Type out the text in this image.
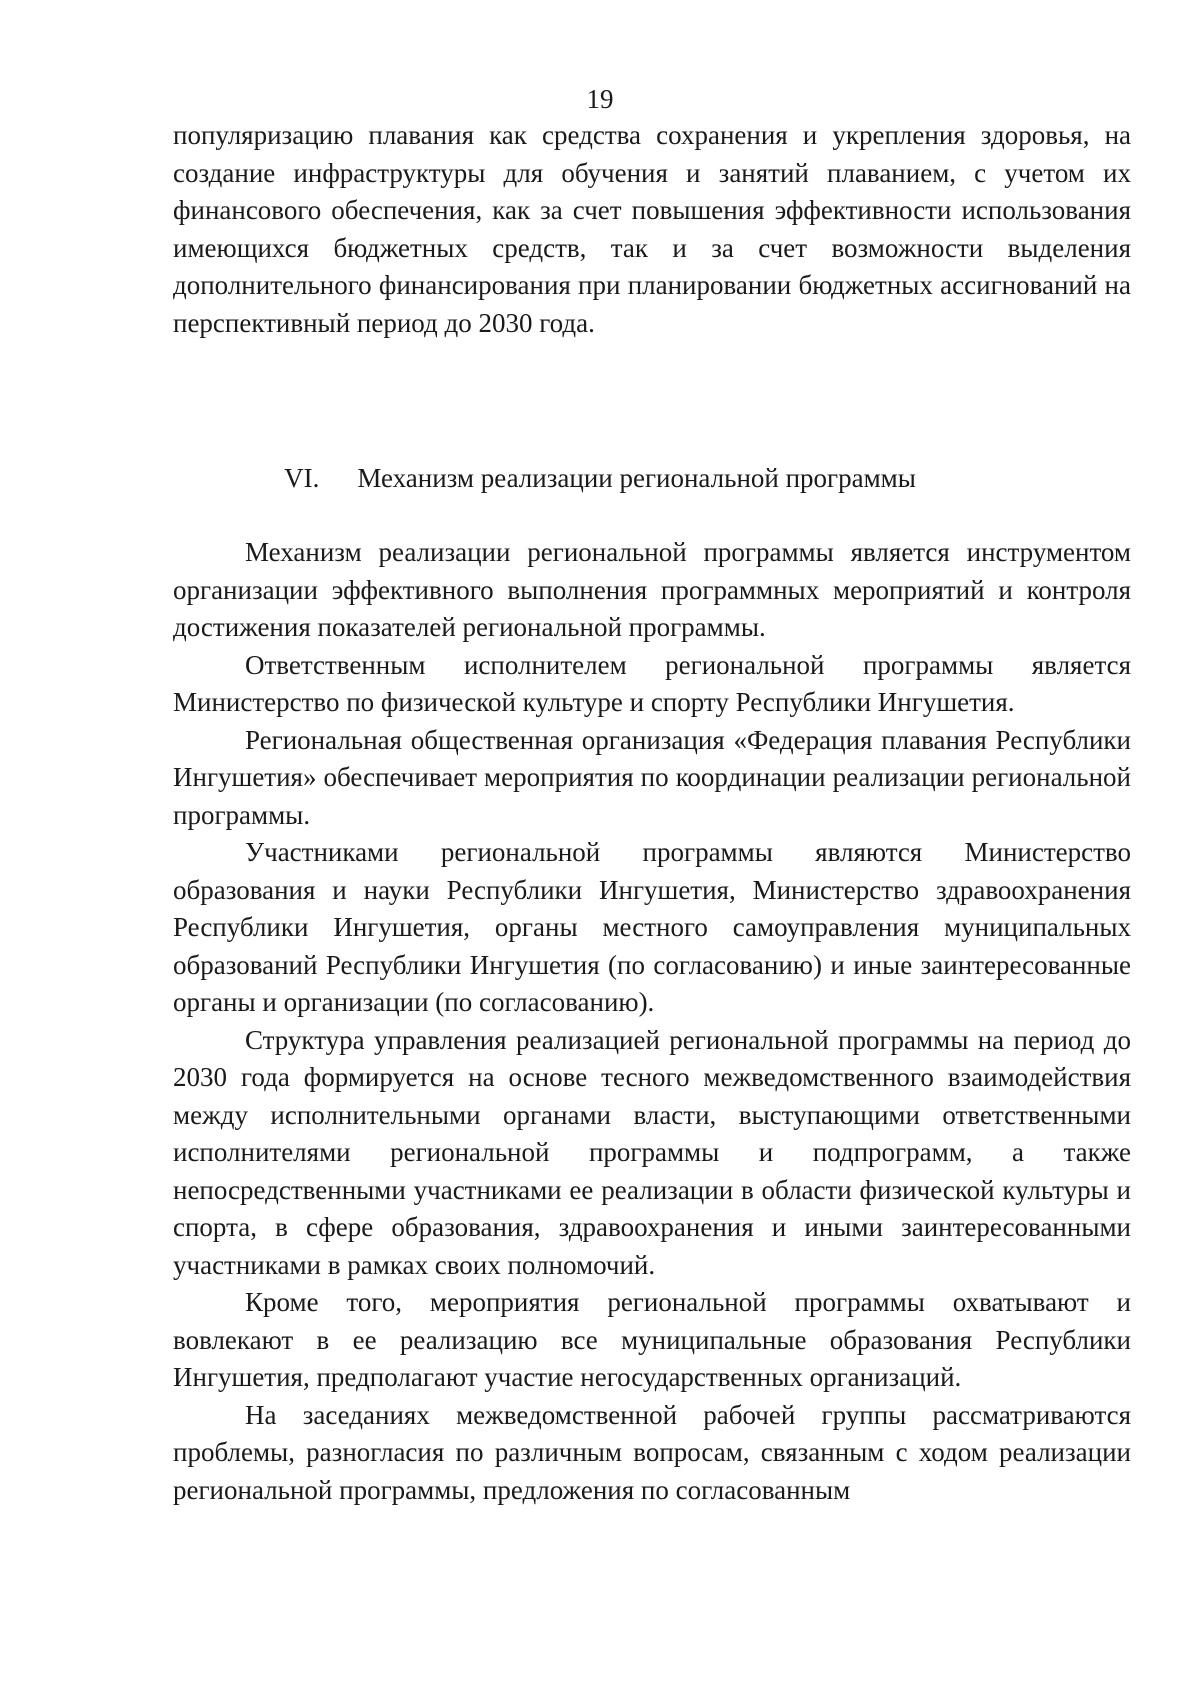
19

популяризацию плавания как средства сохранения и укрепления здоровья, на создание инфраструктуры для обучения и занятий плаванием, с учетом их финансового обеспечения, как за счет повышения эффективности использования имеющихся бюджетных средств, так и за счет возможности выделения дополнительного финансирования при планировании бюджетных ассигнований на перспективный период до 2030 года.

VI. Механизм реализации региональной программы

Механизм реализации региональной программы является инструментом организации эффективного выполнения программных мероприятий и контроля достижения показателей региональной программы.

Ответственным исполнителем региональной программы является Министерство по физической культуре и спорту Республики Ингушетия.

Региональная общественная организация «Федерация плавания Республики Ингушетия» обеспечивает мероприятия по координации реализации региональной программы.

Участниками региональной программы являются Министерство образования и науки Республики Ингушетия, Министерство здравоохранения Республики Ингушетия, органы местного самоуправления муниципальных образований Республики Ингушетия (по согласованию) и иные заинтересованные органы и организации (по согласованию).

Структура управления реализацией региональной программы на период до 2030 года формируется на основе тесного межведомственного взаимодействия между исполнительными органами власти, выступающими ответственными исполнителями региональной программы и подпрограмм, а также непосредственными участниками ее реализации в области физической культуры и спорта, в сфере образования, здравоохранения и иными заинтересованными участниками в рамках своих полномочий.

Кроме того, мероприятия региональной программы охватывают и вовлекают в ее реализацию все муниципальные образования Республики Ингушетия, предполагают участие негосударственных организаций.

На заседаниях межведомственной рабочей группы рассматриваются проблемы, разногласия по различным вопросам, связанным с ходом реализации региональной программы, предложения по согласованным
